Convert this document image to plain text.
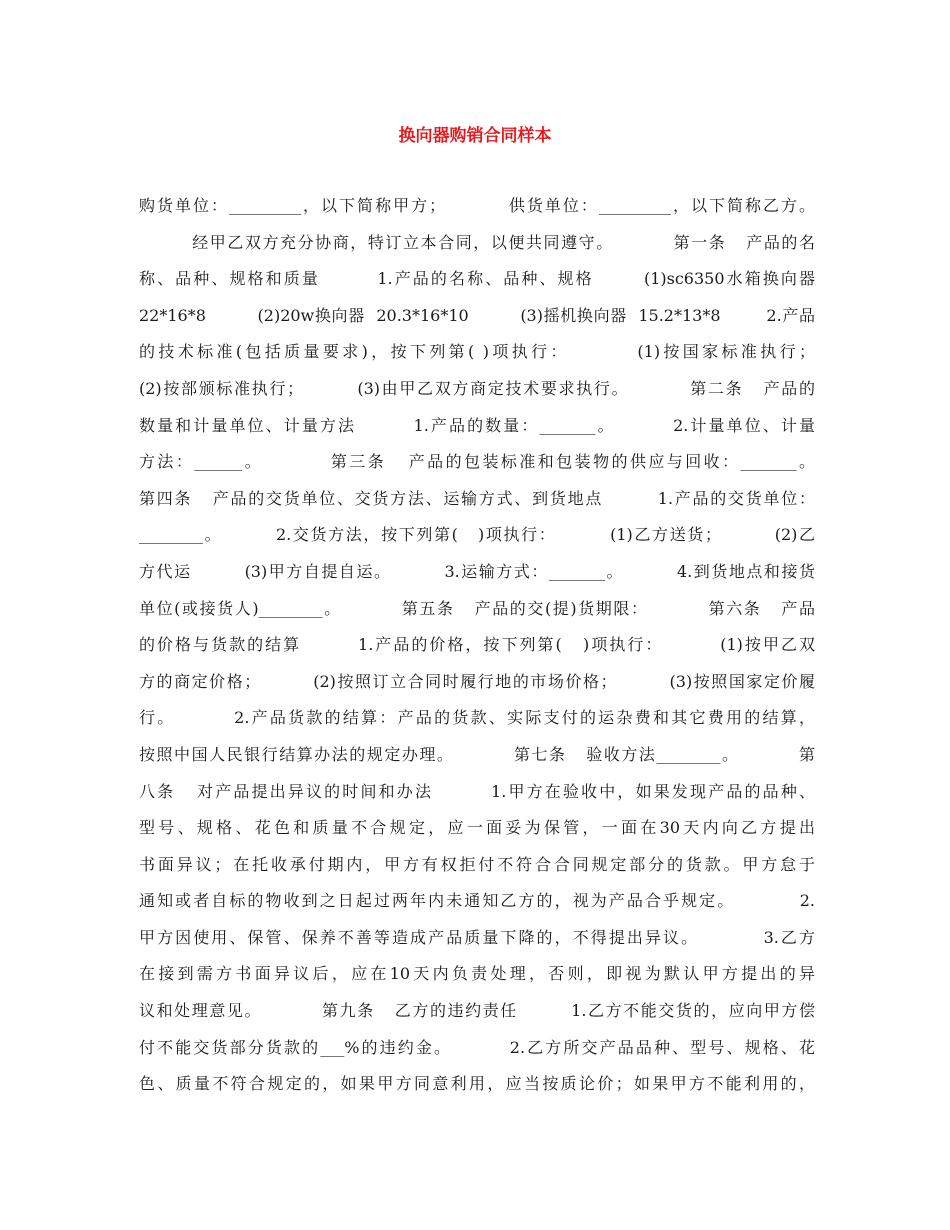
换向器购销合同样本
购货单位：_________，以下简称甲方；         供货单位：_________，以下简称乙方。
经甲乙双方充分协商，特订立本合同，以便共同遵守。         第一条   产品的名
称、品种、规格和质量        1.产品的名称、品种、规格       (1)sc6350水箱换向器
22*16*8         (2)20w换向器  20.3*16*10         (3)摇机换向器  15.2*13*8        2.产品
的技术标准(包括质量要求)，按下列第( )项执行：        (1)按国家标准执行；
(2)按部颁标准执行；        (3)由甲乙双方商定技术要求执行。         第二条   产品的
数量和计量单位、计量方法        1.产品的数量：_______。        2.计量单位、计量
方法：______。         第三条   产品的包装标准和包装物的供应与回收：_______。
第四条   产品的交货单位、交货方法、运输方式、到货地点        1.产品的交货单位：
________。        2.交货方法，按下列第(   )项执行：        (1)乙方送货；        (2)乙
方代运        (3)甲方自提自运。        3.运输方式：_______。        4.到货地点和接货
单位(或接货人)________。         第五条   产品的交(提)货期限：         第六条   产品
的价格与货款的结算        1.产品的价格，按下列第(   )项执行：        (1)按甲乙双
方的商定价格；        (2)按照订立合同时履行地的市场价格；        (3)按照国家定价履
行。        2.产品货款的结算：产品的货款、实际支付的运杂费和其它费用的结算，
按照中国人民银行结算办法的规定办理。         第七条   验收方法________。         第
八条   对产品提出异议的时间和办法        1.甲方在验收中，如果发现产品的品种、
型号、规格、花色和质量不合规定，应一面妥为保管，一面在30天内向乙方提出
书面异议；在托收承付期内，甲方有权拒付不符合合同规定部分的货款。甲方怠于
通知或者自标的物收到之日起过两年内未通知乙方的，视为产品合乎规定。         2.
甲方因使用、保管、保养不善等造成产品质量下降的，不得提出异议。         3.乙方
在接到需方书面异议后，应在10天内负责处理，否则，即视为默认甲方提出的异
议和处理意见。         第九条   乙方的违约责任        1.乙方不能交货的，应向甲方偿
付不能交货部分货款的___%的违约金。        2.乙方所交产品品种、型号、规格、花
色、质量不符合规定的，如果甲方同意利用，应当按质论价；如果甲方不能利用的，
